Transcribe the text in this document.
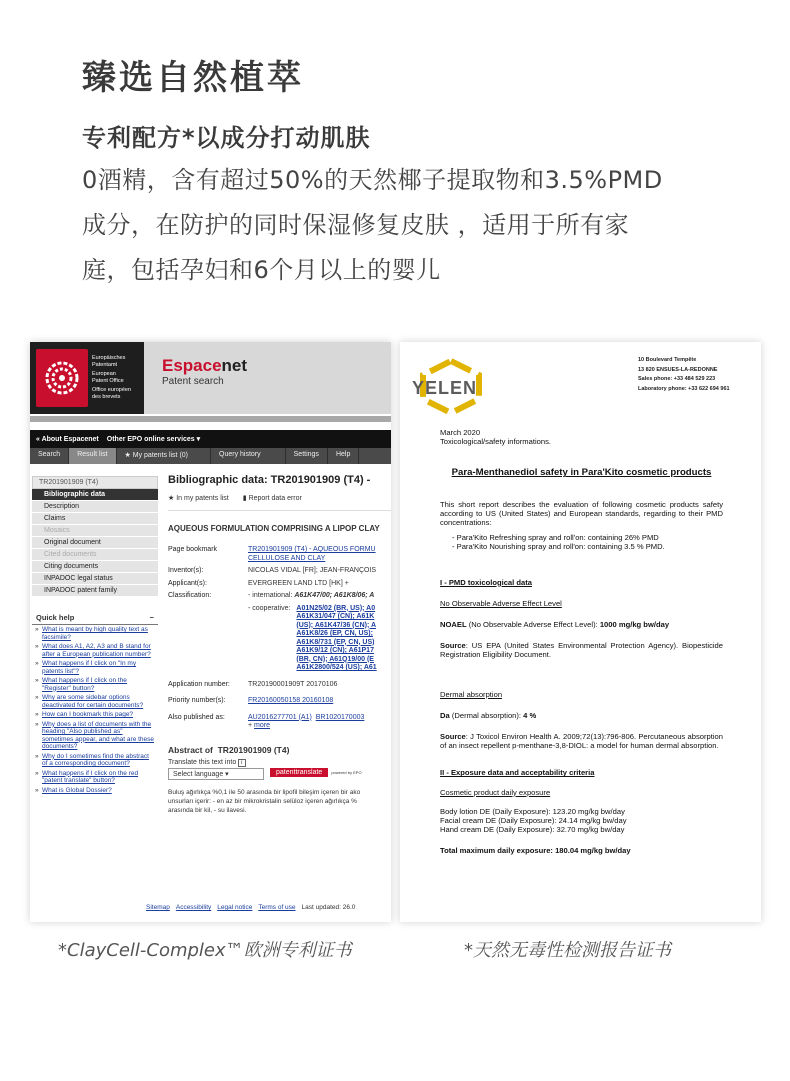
臻选自然植萃
专利配方*以成分打动肌肤

0酒精，含有超过50%的天然椰子提取物和3.5%PMD

成分，在防护的同时保湿修复皮肤 ，适用于所有家

庭，包括孕妇和6个月以上的婴儿

Europäisches
Patentamt
European
Patent Office
Office européen
des brevets
Espacenet
Patent search
« About Espacenet Other EPO online services ▾
Search	Result list	★ My patents list (0)	Query history	Settings	Help
TR201901909 (T4)
Bibliographic data
Description
Claims
Mosaics
Original document
Cited documents
Citing documents
INPADOC legal status
INPADOC patent family
Quick help	−
» What is meant by high quality text as facsimile?
» What does A1, A2, A3 and B stand for after a European publication number?
» What happens if I click on "In my patents list"?
» What happens if I click on the "Register" button?
» Why are some sidebar options deactivated for certain documents?
» How can I bookmark this page?
» Why does a list of documents with the heading "Also published as" sometimes appear, and what are these documents?
» Why do I sometimes find the abstract of a corresponding document?
» What happens if I click on the red "patent translate" button?
» What is Global Dossier?
Bibliographic data: TR201901909 (T4) -
★ In my patents list ▮ Report data error
AQUEOUS FORMULATION COMPRISING A LIPOP CLAY
Page bookmark	TR201901909 (T4) - AQUEOUS FORMU CELLULOSE AND CLAY
Inventor(s):	NICOLAS VIDAL [FR]; JEAN-FRANÇOIS
Applicant(s):	EVERGREEN LAND LTD [HK] +
Classification:	- international: A61K47/00; A61K8/06; A
- cooperative: A01N25/02 (BR, US); A0
A61K31/047 (CN); A61K
(US); A61K47/36 (CN); A
A61K8/26 (EP, CN, US);
A61K8/731 (EP, CN, US)
A61K9/12 (CN); A61P17
(BR, CN); A61Q19/00 (E
A61K2800/524 (US); A61
Application number:	TR20190001909T 20170106
Priority number(s):	FR20160050158 20160108
Also published as:	AU2016277701 (A1) BR1020170003
+ more
Abstract of TR201901909 (T4)
Translate this text into i
Select language ▾	patenttranslate	powered by EPO
Buluş ağırlıkça %0,1 ile 50 arasında bir lipofil bileşim içeren bir ako
unsurları içerir: - en az bir mikrokristalin selüloz içeren ağırlıkça %
arasında bir kil, - su ilavesi.
Sitemap Accessibility Legal notice Terms of use Last updated: 26.0
YELEN
10 Boulevard Tempête
13 820 ENSUES-LA-REDONNE
Sales phone: +33 484 529 223
Laboratory phone: +33 622 694 961
March 2020
Toxicological/safety informations.
Para-Menthanediol safety in Para'Kito cosmetic products
This short report describes the evaluation of following cosmetic products safety according to US (United States) and European standards, regarding to their PMD concentrations:
- Para'Kito Refreshing spray and roll'on: containing 26% PMD
- Para'Kito Nourishing spray and roll'on: containing 3.5 % PMD.
I - PMD toxicological data
No Observable Adverse Effect Level
NOAEL (No Observable Adverse Effect Level): 1000 mg/kg bw/day
Source: US EPA (United States Environmental Protection Agency). Biopesticide Registration Eligibility Document.
Dermal absorption
Da (Dermal absorption): 4 %
Source: J Toxicol Environ Health A. 2009;72(13):796-806. Percutaneous absorption of an insect repellent p-menthane-3,8-DIOL: a model for human dermal absorption.
II - Exposure data and acceptability criteria
Cosmetic product daily exposure
Body lotion DE (Daily Exposure): 123.20 mg/kg bw/day
Facial cream DE (Daily Exposure): 24.14 mg/kg bw/day
Hand cream DE (Daily Exposure): 32.70 mg/kg bw/day
Total maximum daily exposure: 180.04 mg/kg bw/day
*ClayCell-Complex™欧洲专利证书	*天然无毒性检测报告证书
